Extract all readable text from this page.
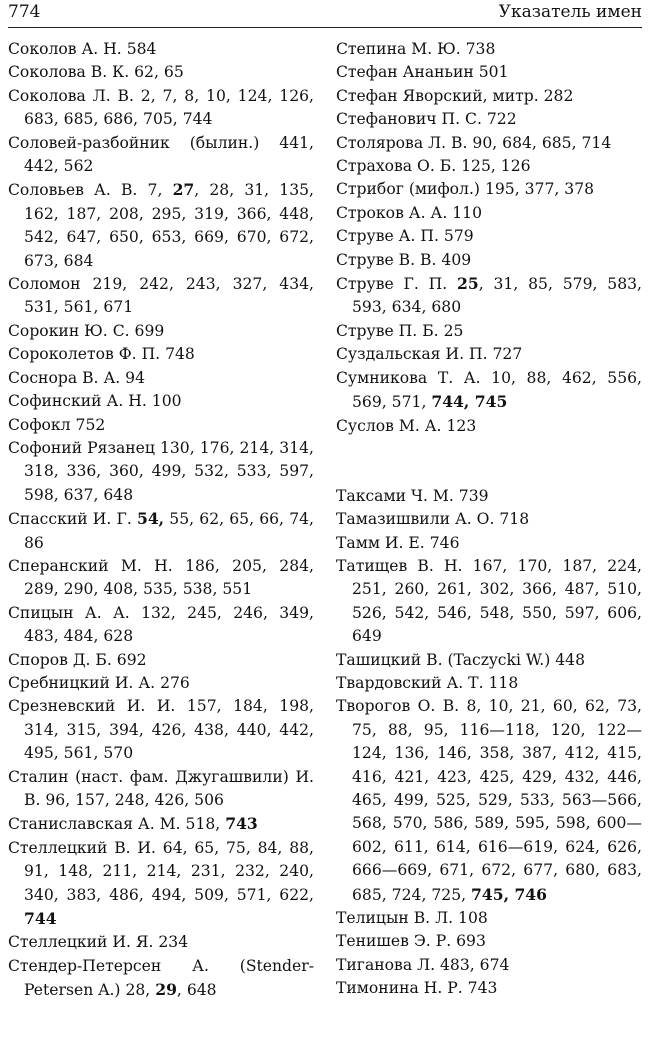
774	Указатель имен

Соколов А. Н. 584

Соколова В. К. 62, 65

Соколова Л. В. 2, 7, 8, 10, 124, 126, 683, 685, 686, 705, 744

Соловей-разбойник (былин.) 441, 442, 562

Соловьев А. В. 7, 27, 28, 31, 135, 162, 187, 208, 295, 319, 366, 448, 542, 647, 650, 653, 669, 670, 672, 673, 684

Соломон 219, 242, 243, 327, 434, 531, 561, 671

Сорокин Ю. С. 699

Сороколетов Ф. П. 748

Соснора В. А. 94

Софинский А. Н. 100

Софокл 752

Софоний Рязанец 130, 176, 214, 314, 318, 336, 360, 499, 532, 533, 597, 598, 637, 648

Спасский И. Г. 54, 55, 62, 65, 66, 74, 86

Сперанский М. Н. 186, 205, 284, 289, 290, 408, 535, 538, 551

Спицын А. А. 132, 245, 246, 349, 483, 484, 628

Споров Д. Б. 692

Сребницкий И. А. 276

Срезневский И. И. 157, 184, 198, 314, 315, 394, 426, 438, 440, 442, 495, 561, 570

Сталин (наст. фам. Джугашвили) И. В. 96, 157, 248, 426, 506

Станиславская А. М. 518, 743

Стеллецкий В. И. 64, 65, 75, 84, 88, 91, 148, 211, 214, 231, 232, 240, 340, 383, 486, 494, 509, 571, 622, 744

Стеллецкий И. Я. 234

Стендер-Петерсен А. (Stender-Petersen A.) 28, 29, 648

Степина М. Ю. 738

Стефан Ананьин 501

Стефан Яворский, митр. 282

Стефанович П. С. 722

Столярова Л. В. 90, 684, 685, 714

Страхова О. Б. 125, 126

Стрибог (мифол.) 195, 377, 378

Строков А. А. 110

Струве А. П. 579

Струве В. В. 409

Струве Г. П. 25, 31, 85, 579, 583, 593, 634, 680

Струве П. Б. 25

Суздальская И. П. 727

Сумникова Т. А. 10, 88, 462, 556, 569, 571, 744, 745

Суслов М. А. 123

Таксами Ч. М. 739

Тамазишвили А. О. 718

Тамм И. Е. 746

Татищев В. Н. 167, 170, 187, 224, 251, 260, 261, 302, 366, 487, 510, 526, 542, 546, 548, 550, 597, 606, 649

Ташицкий В. (Taczycki W.) 448

Твардовский А. Т. 118

Творогов О. В. 8, 10, 21, 60, 62, 73, 75, 88, 95, 116—118, 120, 122—124, 136, 146, 358, 387, 412, 415, 416, 421, 423, 425, 429, 432, 446, 465, 499, 525, 529, 533, 563—566, 568, 570, 586, 589, 595, 598, 600—602, 611, 614, 616—619, 624, 626, 666—669, 671, 672, 677, 680, 683, 685, 724, 725, 745, 746

Телицын В. Л. 108

Тенишев Э. Р. 693

Тиганова Л. 483, 674

Тимонина Н. Р. 743
